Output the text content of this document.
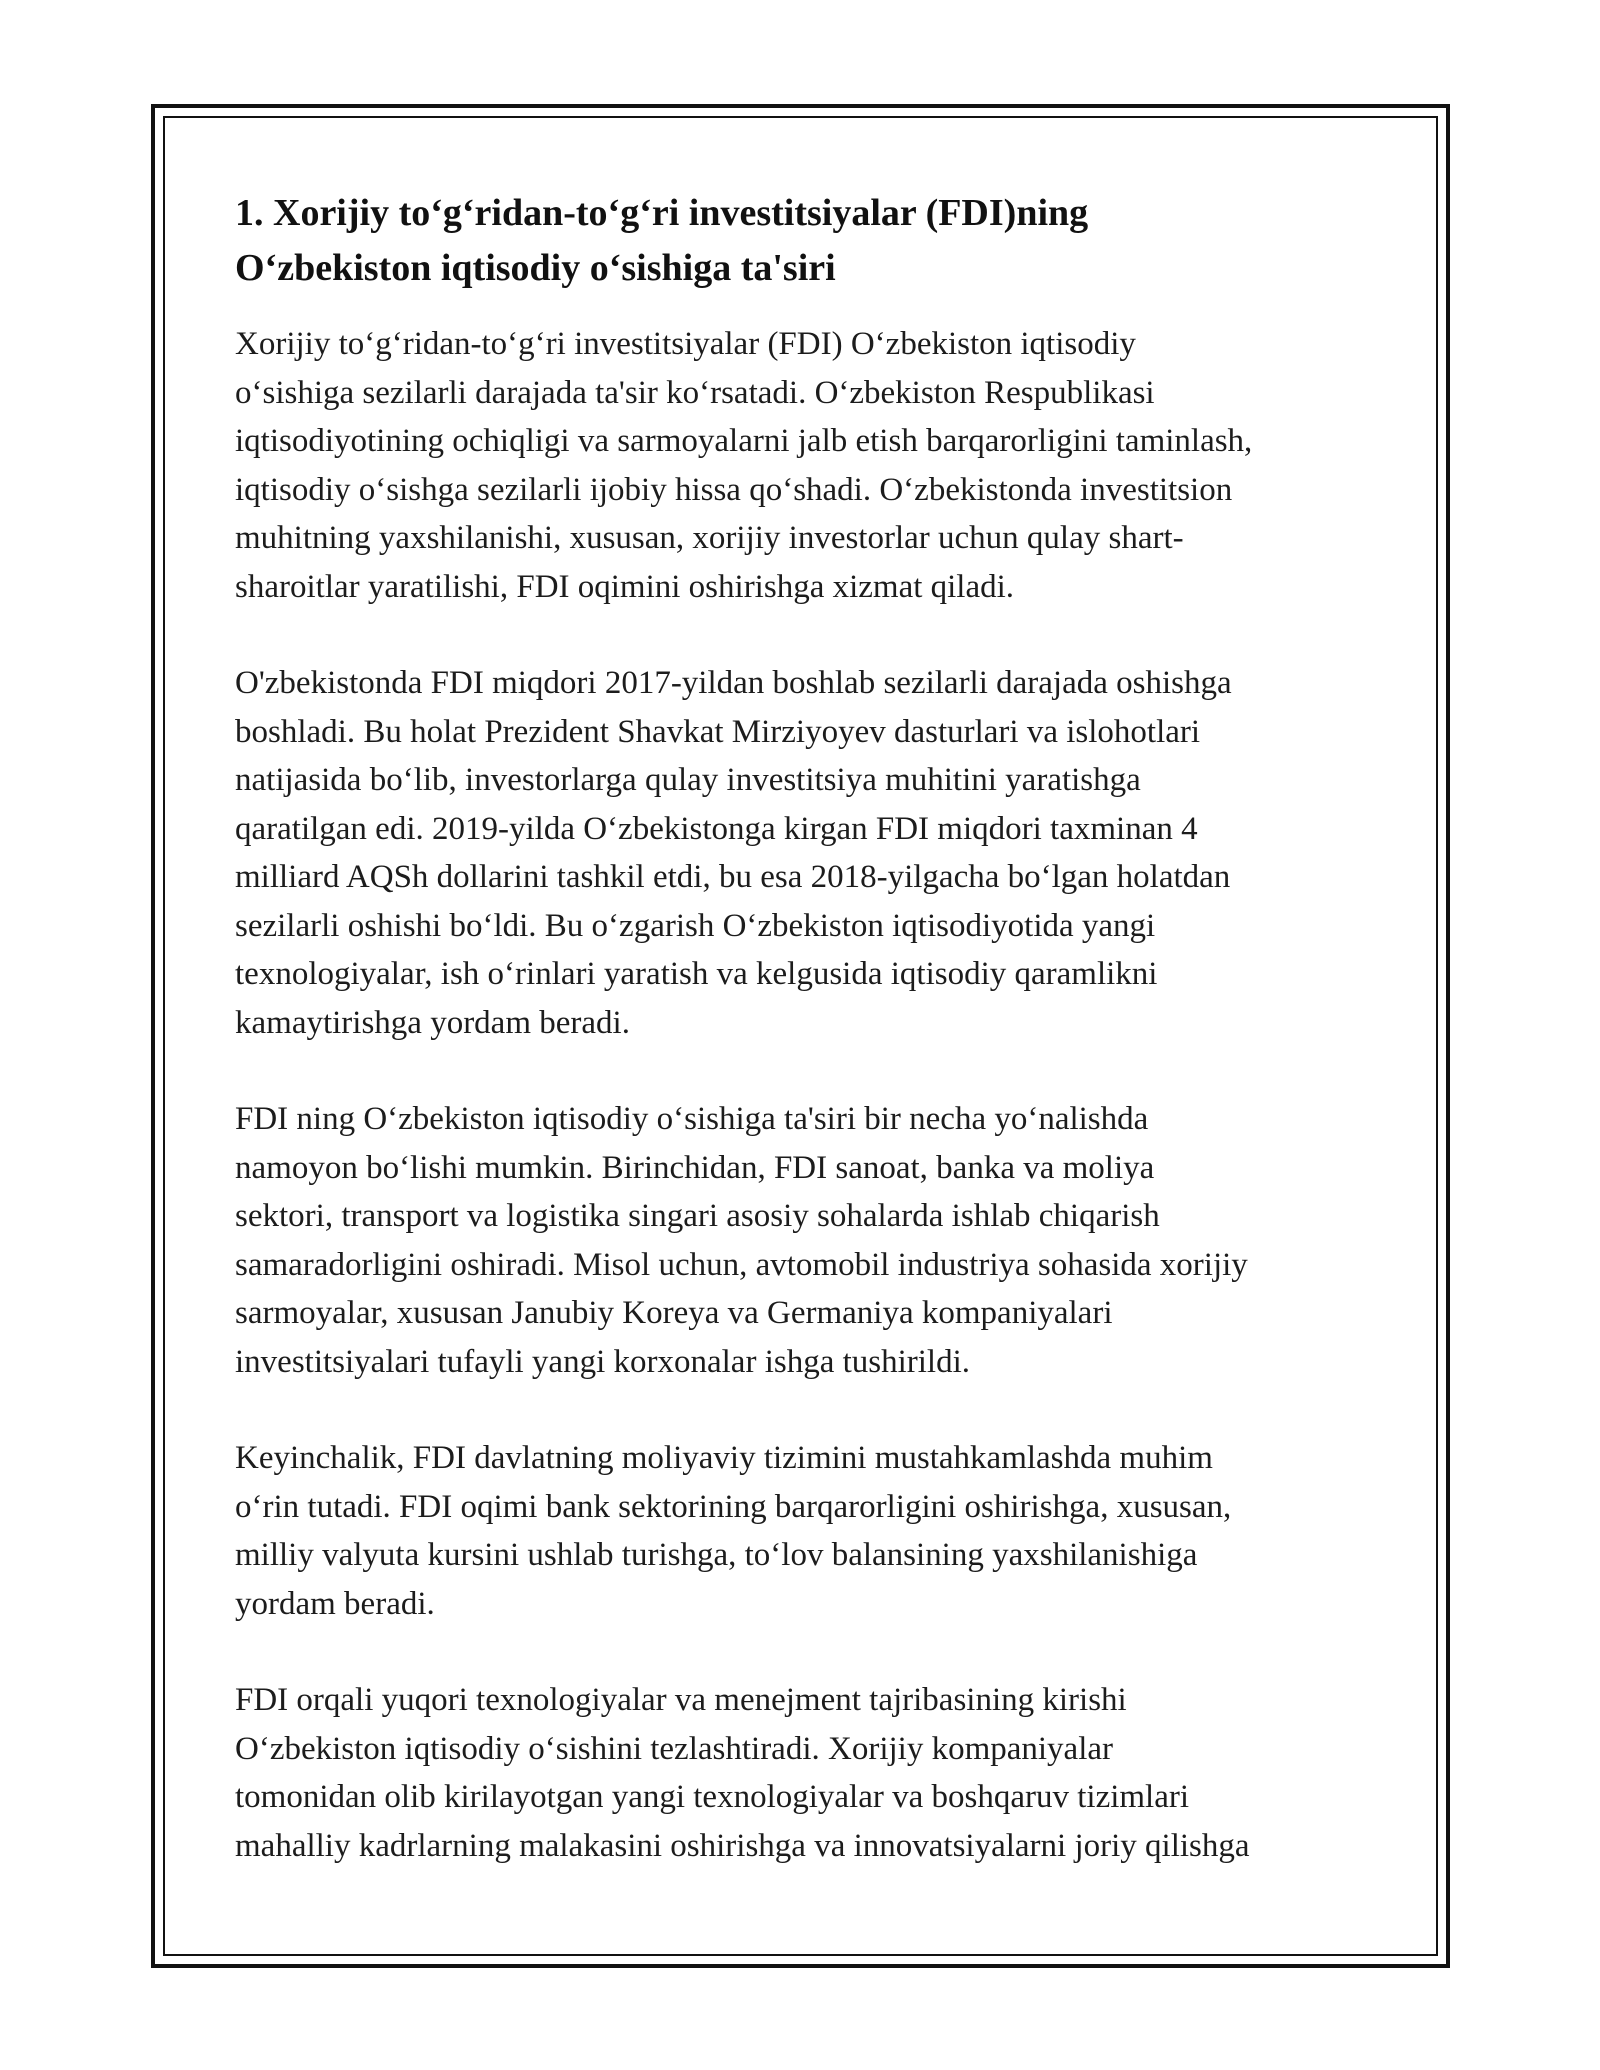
1. Xorijiy to‘g‘ridan-to‘g‘ri investitsiyalar (FDI)ning
O‘zbekiston iqtisodiy o‘sishiga ta'siri

Xorijiy to‘g‘ridan-to‘g‘ri investitsiyalar (FDI) O‘zbekiston iqtisodiy
o‘sishiga sezilarli darajada ta'sir ko‘rsatadi. O‘zbekiston Respublikasi
iqtisodiyotining ochiqligi va sarmoyalarni jalb etish barqarorligini taminlash,
iqtisodiy o‘sishga sezilarli ijobiy hissa qo‘shadi. O‘zbekistonda investitsion
muhitning yaxshilanishi, xususan, xorijiy investorlar uchun qulay shart-
sharoitlar yaratilishi, FDI oqimini oshirishga xizmat qiladi.

O'zbekistonda FDI miqdori 2017-yildan boshlab sezilarli darajada oshishga
boshladi. Bu holat Prezident Shavkat Mirziyoyev dasturlari va islohotlari
natijasida bo‘lib, investorlarga qulay investitsiya muhitini yaratishga
qaratilgan edi. 2019-yilda O‘zbekistonga kirgan FDI miqdori taxminan 4
milliard AQSh dollarini tashkil etdi, bu esa 2018-yilgacha bo‘lgan holatdan
sezilarli oshishi bo‘ldi. Bu o‘zgarish O‘zbekiston iqtisodiyotida yangi
texnologiyalar, ish o‘rinlari yaratish va kelgusida iqtisodiy qaramlikni
kamaytirishga yordam beradi.

FDI ning O‘zbekiston iqtisodiy o‘sishiga ta'siri bir necha yo‘nalishda
namoyon bo‘lishi mumkin. Birinchidan, FDI sanoat, banka va moliya
sektori, transport va logistika singari asosiy sohalarda ishlab chiqarish
samaradorligini oshiradi. Misol uchun, avtomobil industriya sohasida xorijiy
sarmoyalar, xususan Janubiy Koreya va Germaniya kompaniyalari
investitsiyalari tufayli yangi korxonalar ishga tushirildi.

Keyinchalik, FDI davlatning moliyaviy tizimini mustahkamlashda muhim
o‘rin tutadi. FDI oqimi bank sektorining barqarorligini oshirishga, xususan,
milliy valyuta kursini ushlab turishga, to‘lov balansining yaxshilanishiga
yordam beradi.

FDI orqali yuqori texnologiyalar va menejment tajribasining kirishi
O‘zbekiston iqtisodiy o‘sishini tezlashtiradi. Xorijiy kompaniyalar
tomonidan olib kirilayotgan yangi texnologiyalar va boshqaruv tizimlari
mahalliy kadrlarning malakasini oshirishga va innovatsiyalarni joriy qilishga
